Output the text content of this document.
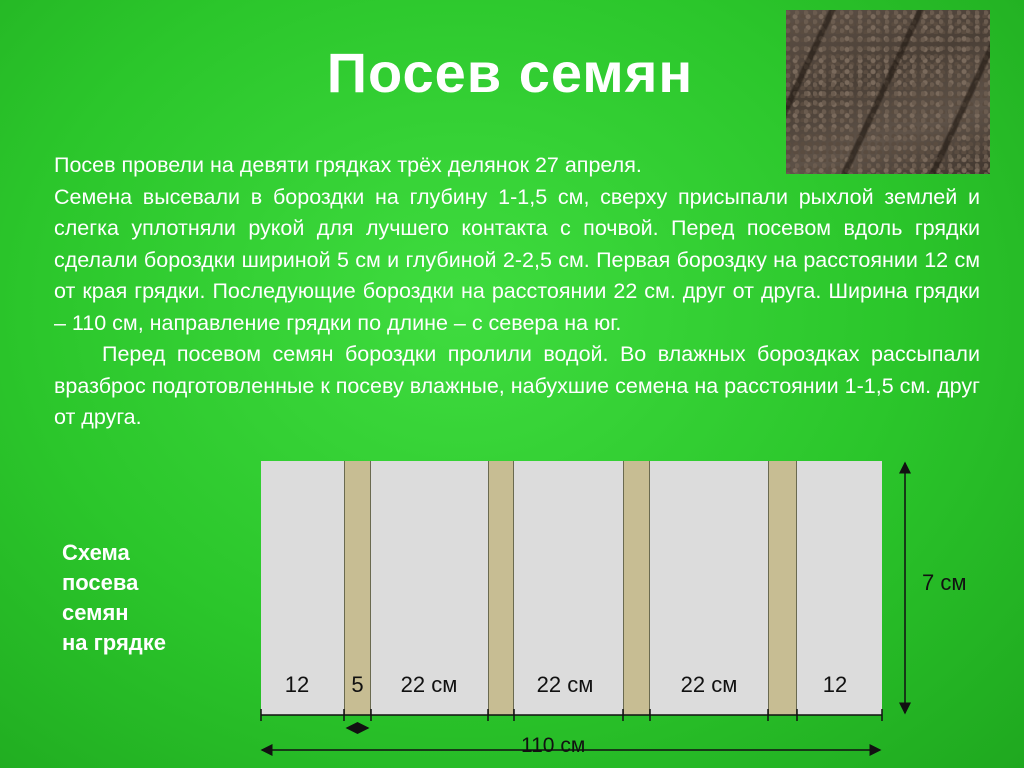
Посев семян

Посев провели на девяти грядках трёх делянок 27 апреля.

Семена высевали в бороздки на глубину 1-1,5 см, сверху присыпали рыхлой землей и слегка уплотняли рукой для лучшего контакта с почвой. Перед посевом вдоль грядки сделали бороздки шириной 5 см и глубиной 2-2,5 см. Первая бороздку на расстоянии 12 см от края грядки. Последующие бороздки на расстоянии 22 см. друг от друга. Ширина грядки – 110 см, направление грядки по длине – с севера на юг.

Перед посевом семян бороздки пролили водой. Во влажных бороздках рассыпали вразброс подготовленные к посеву влажные, набухшие семена на расстоянии 1-1,5 см. друг от друга.

Схема
посева
семян
на грядке
12	5	22 см	22 см	22 см	12
7 см
110 см
